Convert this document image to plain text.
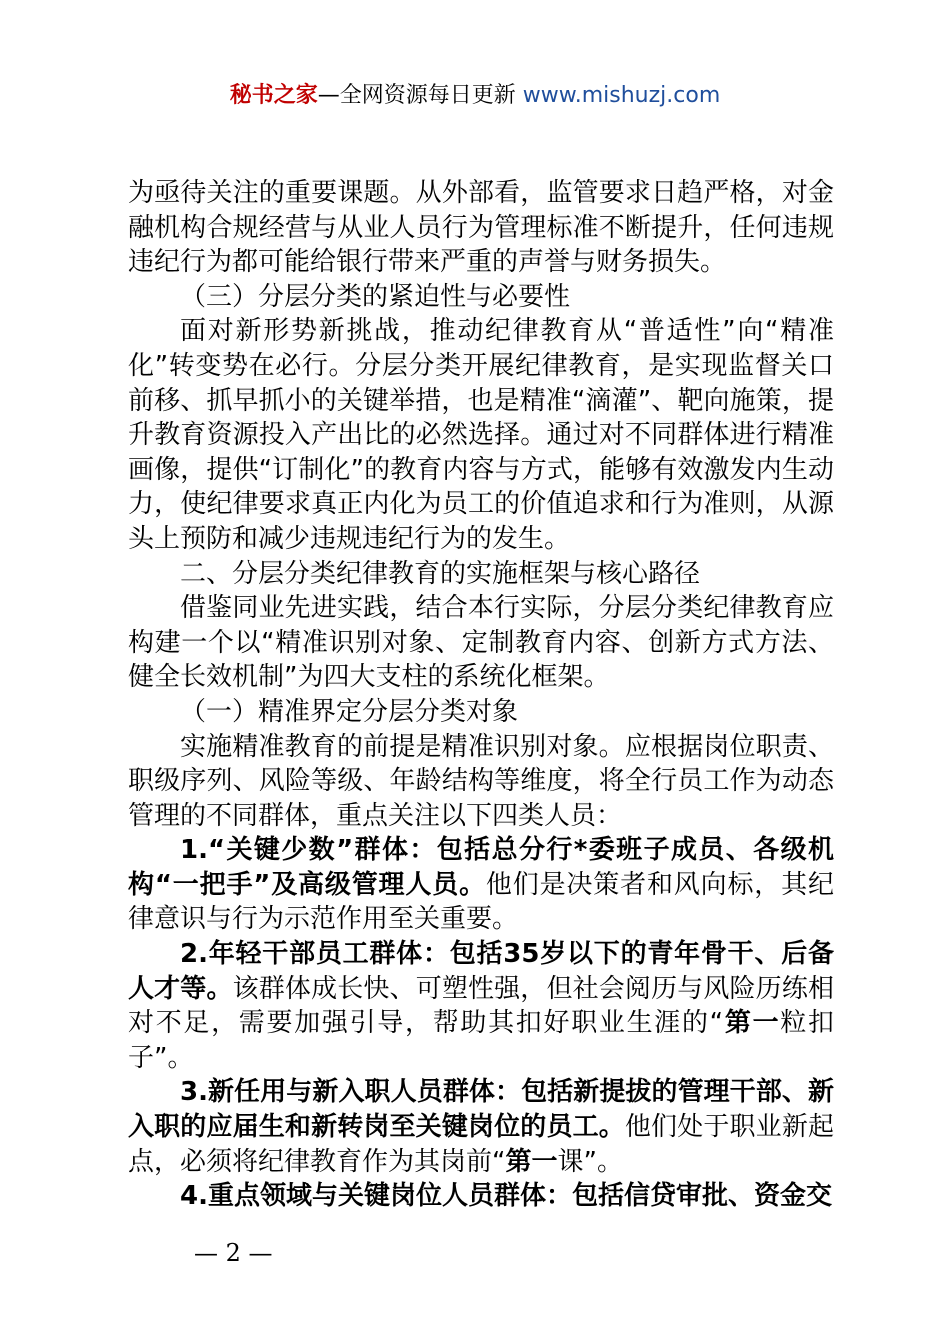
秘书之家—全网资源每日更新 www.mishuzj.com

为亟待关注的重要课题。从外部看，监管要求日趋严格，对金融机构合规经营与从业人员行为管理标准不断提升，任何违规违纪行为都可能给银行带来严重的声誉与财务损失。

（三）分层分类的紧迫性与必要性

面对新形势新挑战，推动纪律教育从“普适性”向“精准化”转变势在必行。分层分类开展纪律教育，是实现监督关口前移、抓早抓小的关键举措，也是精准“滴灌”、靶向施策，提升教育资源投入产出比的必然选择。通过对不同群体进行精准画像，提供“订制化”的教育内容与方式，能够有效激发内生动力，使纪律要求真正内化为员工的价值追求和行为准则，从源头上预防和减少违规违纪行为的发生。

二、分层分类纪律教育的实施框架与核心路径

借鉴同业先进实践，结合本行实际，分层分类纪律教育应构建一个以“精准识别对象、定制教育内容、创新方式方法、健全长效机制”为四大支柱的系统化框架。

（一）精准界定分层分类对象

实施精准教育的前提是精准识别对象。应根据岗位职责、职级序列、风险等级、年龄结构等维度，将全行员工作为动态管理的不同群体，重点关注以下四类人员：

1.“关键少数”群体：包括总分行*委班子成员、各级机构“一把手”及高级管理人员。他们是决策者和风向标，其纪律意识与行为示范作用至关重要。

2.年轻干部员工群体：包括35岁以下的青年骨干、后备人才等。该群体成长快、可塑性强，但社会阅历与风险历练相对不足，需要加强引导，帮助其扣好职业生涯的“第一粒扣子”。

3.新任用与新入职人员群体：包括新提拔的管理干部、新入职的应届生和新转岗至关键岗位的员工。他们处于职业新起点，必须将纪律教育作为其岗前“第一课”。

4.重点领域与关键岗位人员群体：包括信贷审批、资金交

— 2 —
